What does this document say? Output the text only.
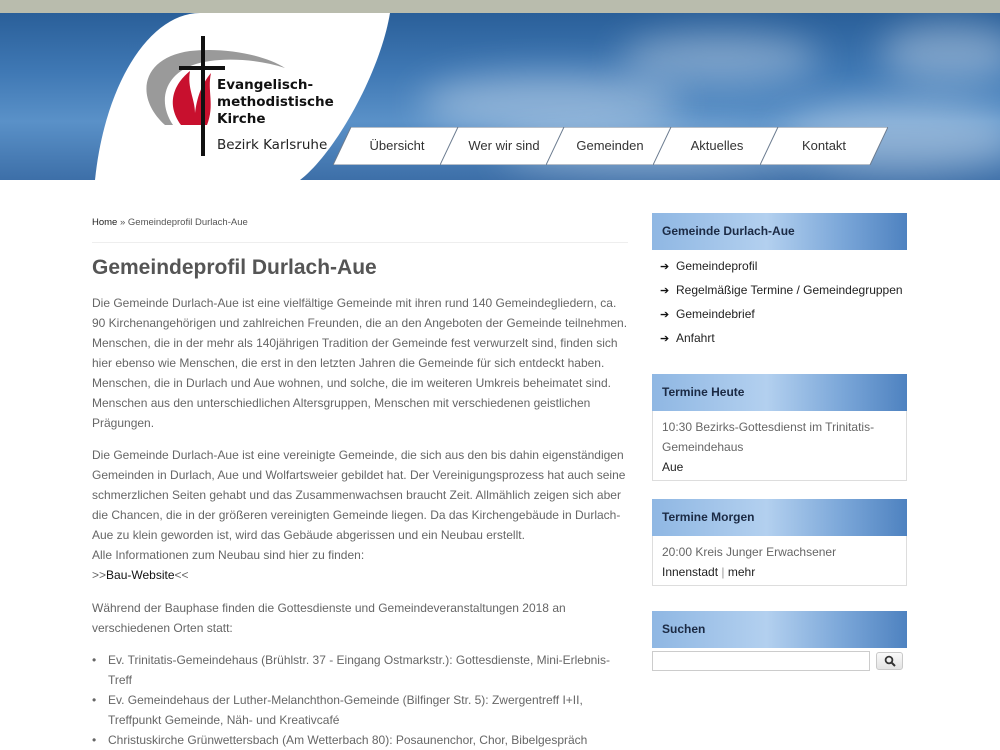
Evangelisch-
methodistische
Kirche
Bezirk Karlsruhe	Übersicht	Wer wir sind	Gemeinden	Aktuelles	Kontakt
Home » Gemeindeprofil Durlach-Aue
Gemeindeprofil Durlach-Aue

Die Gemeinde Durlach-Aue ist eine vielfältige Gemeinde mit ihren rund 140 Gemeindegliedern, ca. 90 Kirchenangehörigen und zahlreichen Freunden, die an den Angeboten der Gemeinde teilnehmen. Menschen, die in der mehr als 140jährigen Tradition der Gemeinde fest verwurzelt sind, finden sich hier ebenso wie Menschen, die erst in den letzten Jahren die Gemeinde für sich entdeckt haben. Menschen, die in Durlach und Aue wohnen, und solche, die im weiteren Umkreis beheimatet sind. Menschen aus den unterschiedlichen Altersgruppen, Menschen mit verschiedenen geistlichen Prägungen.

Die Gemeinde Durlach-Aue ist eine vereinigte Gemeinde, die sich aus den bis dahin eigenständigen Gemeinden in Durlach, Aue und Wolfartsweier gebildet hat. Der Vereinigungsprozess hat auch seine schmerzlichen Seiten gehabt und das Zusammenwachsen braucht Zeit. Allmählich zeigen sich aber die Chancen, die in der größeren vereinigten Gemeinde liegen. Da das Kirchengebäude in Durlach-Aue zu klein geworden ist, wird das Gebäude abgerissen und ein Neubau erstellt.
Alle Informationen zum Neubau sind hier zu finden:
>>Bau-Website<<

Während der Bauphase finden die Gottesdienste und Gemeindeveranstaltungen 2018 an verschiedenen Orten statt:

• Ev. Trinitatis-Gemeindehaus (Brühlstr. 37 - Eingang Ostmarkstr.): Gottesdienste, Mini-Erlebnis-Treff
• Ev. Gemeindehaus der Luther-Melanchthon-Gemeinde (Bilfinger Str. 5): Zwergentreff I+II, Treffpunkt Gemeinde, Näh- und Kreativcafé
• Christuskirche Grünwettersbach (Am Wetterbach 80): Posaunenchor, Chor, Bibelgespräch
Gemeinde Durlach-Aue
➔ Gemeindeprofil
➔ Regelmäßige Termine / Gemeindegruppen
➔ Gemeindebrief
➔ Anfahrt
Termine Heute
10:30 Bezirks-Gottesdienst im Trinitatis-Gemeindehaus
Aue
Termine Morgen
20:00 Kreis Junger Erwachsener
Innenstadt | mehr
Suchen
